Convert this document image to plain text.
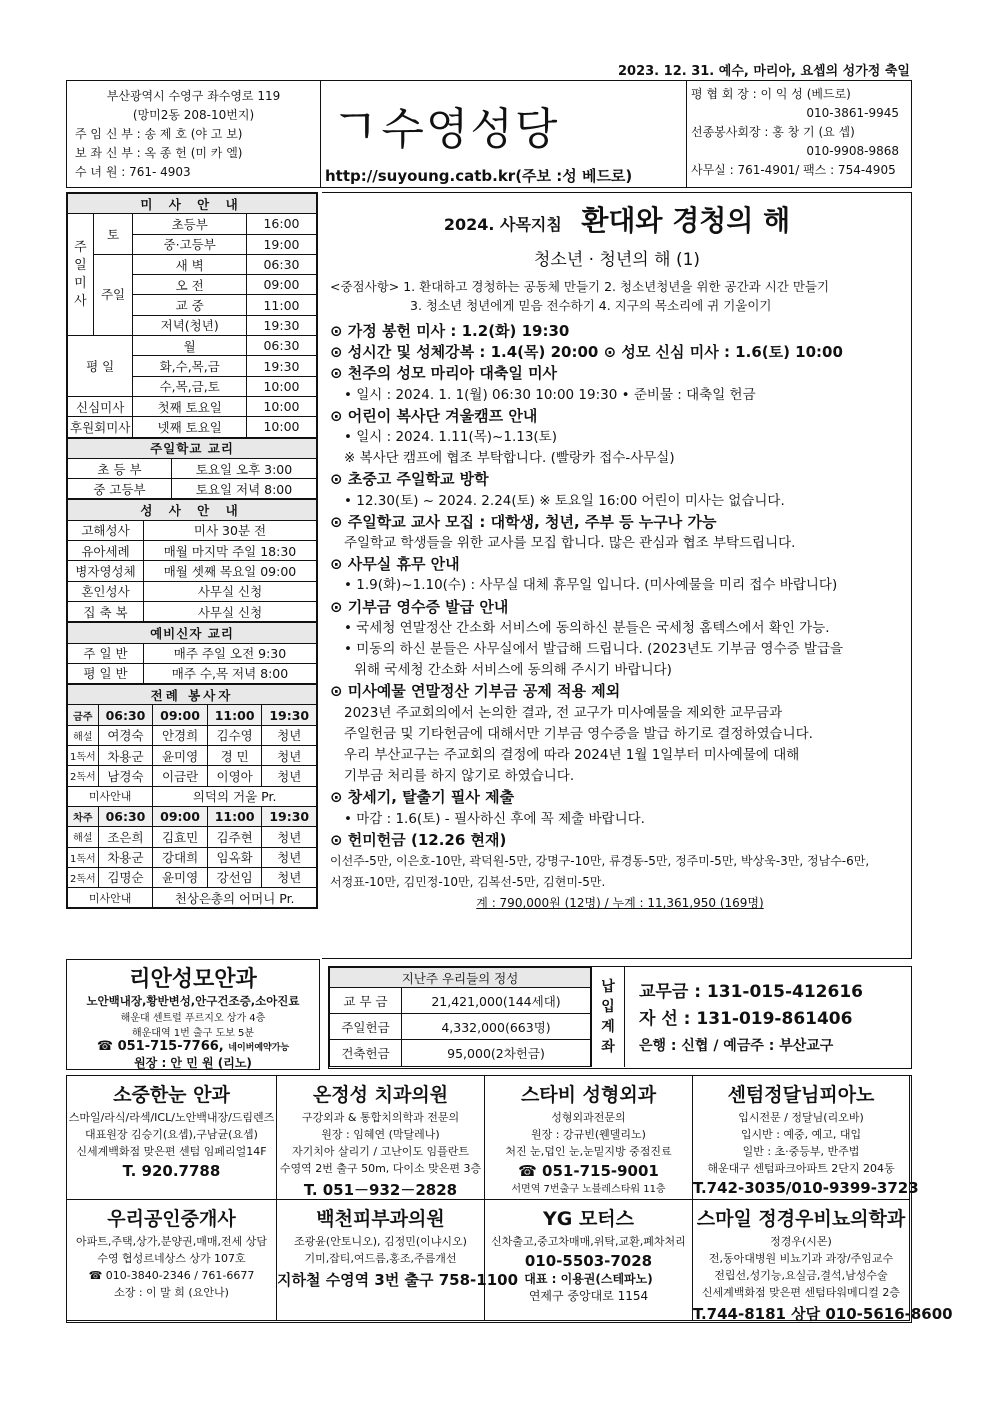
2023. 12. 31. 예수, 마리아, 요셉의 성가정 축일
부산광역시 수영구 좌수영로 119
(망미2동 208-10번지)
주 임 신 부 : 송 제 호 (야 고 보)
보 좌 신 부 : 옥 종 헌 (미 카 엘)
수 녀 원 : 761- 4903
ㄱ수영성당
http://suyoung.catb.kr(주보 :성 베드로)
평 협 회 장 : 이 익 성 (베드로)
010-3861-9945
선종봉사회장 : 홍 창 기 (요 셉)
010-9908-9868
사무실 : 761-4901/ 팩스 : 754-4905
미 사 안 내			
주일미사	토	초등부	16:00
		중·고등부	19:00
	주일	새 벽	06:30
		오 전	09:00
		교 중	11:00
		저녁(청년)	19:30
평 일		월	06:30
		화,수,목,금	19:30
		수,목,금,토	10:00
신심미사		첫째 토요일	10:00
후원회미사		넷째 토요일	10:00
주일학교 교리	
초 등 부	토요일 오후 3:00
중 고등부	토요일 저녁 8:00
성 사 안 내	
고해성사	미사 30분 전
유아세례	매월 마지막 주일 18:30
병자영성체	매월 셋째 목요일 09:00
혼인성사	사무실 신청
집 축 복	사무실 신청
예비신자 교리	
주 일 반	매주 주일 오전 9:30
평 일 반	매주 수,목 저녁 8:00
전례 봉사자				
금주	06:30	09:00	11:00	19:30
해설	여경숙	안경희	김수영	청년
1독서	차용군	윤미영	경 민	청년
2독서	남경숙	이금란	이영아	청년
미사안내		의덕의 거울 Pr.		
차주	06:30	09:00	11:00	19:30
해설	조은희	김효민	김주현	청년
1독서	차용군	강대희	임옥화	청년
2독서	김명순	윤미영	강선임	청년
미사안내		천상은총의 어머니 Pr.		
2024. 사목지침 환대와 경청의 해
청소년 · 청년의 해 (1)
<중점사항> 1. 환대하고 경청하는 공동체 만들기 2. 청소년청년을 위한 공간과 시간 만들기
3. 청소년 청년에게 믿음 전수하기 4. 지구의 목소리에 귀 기울이기
⊙ 가정 봉헌 미사 : 1.2(화) 19:30
⊙ 성시간 및 성체강복 : 1.4(목) 20:00 ⊙ 성모 신심 미사 : 1.6(토) 10:00
⊙ 천주의 성모 마리아 대축일 미사
• 일시 : 2024. 1. 1(월) 06:30 10:00 19:30 • 준비물 : 대축일 헌금
⊙ 어린이 복사단 겨울캠프 안내
• 일시 : 2024. 1.11(목)~1.13(토)
※ 복사단 캠프에 협조 부탁합니다. (빨랑카 접수-사무실)
⊙ 초중고 주일학교 방학
• 12.30(토) ~ 2024. 2.24(토) ※ 토요일 16:00 어린이 미사는 없습니다.
⊙ 주일학교 교사 모집 : 대학생, 청년, 주부 등 누구나 가능
주일학교 학생들을 위한 교사를 모집 합니다. 많은 관심과 협조 부탁드립니다.
⊙ 사무실 휴무 안내
• 1.9(화)~1.10(수) : 사무실 대체 휴무일 입니다. (미사예물을 미리 접수 바랍니다)
⊙ 기부금 영수증 발급 안내
• 국세청 연말정산 간소화 서비스에 동의하신 분들은 국세청 홈텍스에서 확인 가능.
• 미동의 하신 분들은 사무실에서 발급해 드립니다. (2023년도 기부금 영수증 발급을
위해 국세청 간소화 서비스에 동의해 주시기 바랍니다)
⊙ 미사예물 연말정산 기부금 공제 적용 제외
2023년 주교회의에서 논의한 결과, 전 교구가 미사예물을 제외한 교무금과
주일헌금 및 기타헌금에 대해서만 기부금 영수증을 발급 하기로 결정하였습니다.
우리 부산교구는 주교회의 결정에 따라 2024년 1월 1일부터 미사예물에 대해
기부금 처리를 하지 않기로 하였습니다.
⊙ 창세기, 탈출기 필사 제출
• 마감 : 1.6(토) - 필사하신 후에 꼭 제출 바랍니다.
⊙ 헌미헌금 (12.26 현재)
이선주-5만, 이은호-10만, 곽덕원-5만, 강명구-10만, 류경동-5만, 정주미-5만, 박상욱-3만, 정남수-6만,
서정표-10만, 김민정-10만, 김복선-5만, 김현미-5만.
계 : 790,000원 (12명) / 누계 : 11,361,950 (169명)
리안성모안과
노안백내장,황반변성,안구건조증,소아진료
해운대 센트럴 푸르지오 상가 4층
해운대역 1번 출구 도보 5분
☎ 051-715-7766, 네이버예약가능
원장 : 안 민 원 (리노)
지난주 우리들의 정성	
교 무 금	21,421,000(144세대)
주일헌금	4,332,000(663명)
건축헌금	95,000(2차헌금)
납입계좌
교무금 : 131-015-412616
자 선 : 131-019-861406
은행 : 신협 / 예금주 : 부산교구
소중한눈 안과
스마일/라식/라섹/ICL/노안백내장/드림렌즈
대표원장 김승기(요셉),구남균(요셉)
신세계백화점 맞은편 센텀 임페리얼14F
T. 920.7788
온정성 치과의원
구강외과 & 통합치의학과 전문의
원장 : 임혜연 (막달레나)
자기치아 살리기 / 고난이도 임플란트
수영역 2번 출구 50m, 다이소 맞은편 3층
T. 051－932－2828
스타비 성형외과
성형외과전문의
원장 : 강규빈(웬델리노)
처진 눈,덥인 눈,눈밑지방 중점진료
☎ 051-715-9001
서면역 7번출구 노블레스타워 11층
센텀정달님피아노
입시전문 / 정달님(리오바)
입시반 : 예중, 예고, 대입
일반 : 초·중등부, 반주법
해운대구 센텀파크아파트 2단지 204동
T.742-3035/010-9399-3723
우리공인중개사
아파트,주택,상가,분양권,매매,전세 상담
수영 협성르네상스 상가 107호
☎ 010-3840-2346 / 761-6677
소장 : 이 말 희 (요안나)
백천피부과의원
조광윤(안토니오), 김정민(이냐시오)
기미,잡티,여드름,홍조,주름개선
지하철 수영역 3번 출구 758-1100
YG 모터스
신차출고,중고차매매,위탁,교환,폐차처리
010-5503-7028
대표 : 이용권(스테파노)
연제구 중앙대로 1154
스마일 정경우비뇨의학과
정경우(시몬)
전,동아대병원 비뇨기과 과장/주임교수
전립선,성기능,요실금,결석,남성수술
신세계백화점 맞은편 센텀타워메디컬 2층
T.744-8181 상담 010-5616-8600
